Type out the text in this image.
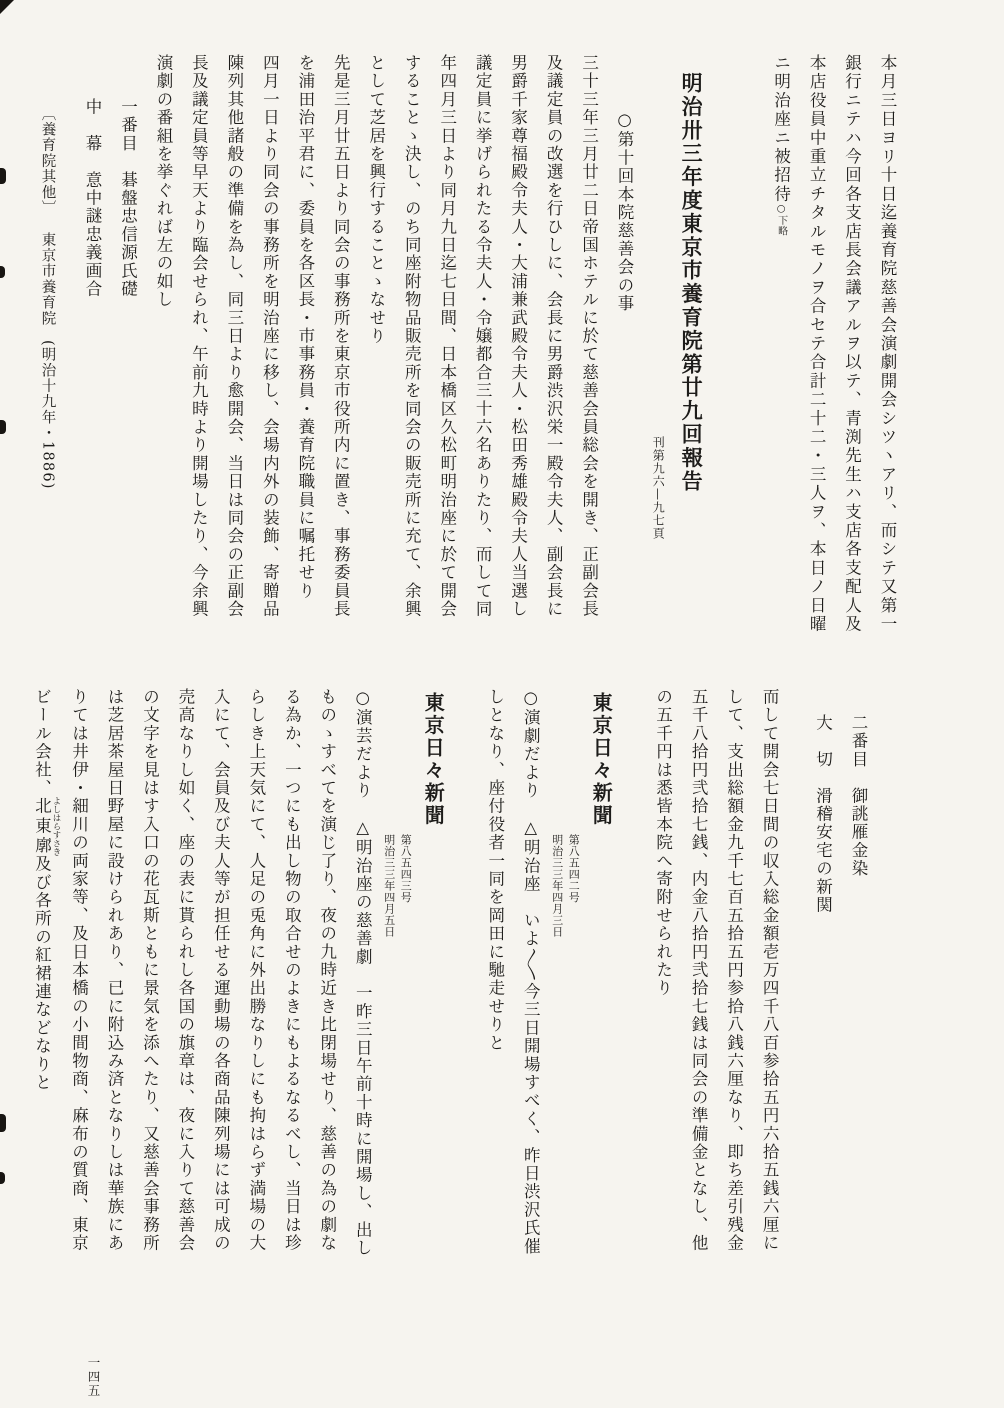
本月三日ヨリ十日迄養育院慈善会演劇開会シツヽアリ、而シテ又第一
銀行ニテハ今回各支店長会議アルヲ以テ、青渕先生ハ支店各支配人及
本店役員中重立チタルモノヲ合セテ合計二十二・三人ヲ、本日ノ日曜
ニ明治座ニ被招待○下略
明治卅三年度東京市養育院第廿九回報告
刊第九六—九七頁
○第十回本院慈善会の事
三十三年三月廿二日帝国ホテルに於て慈善会員総会を開き、正副会長
及議定員の改選を行ひしに、会長に男爵渋沢栄一殿令夫人、副会長に
男爵千家尊福殿令夫人・大浦兼武殿令夫人・松田秀雄殿令夫人当選し
議定員に挙げられたる令夫人・令嬢都合三十六名ありたり、而して同
年四月三日より同月九日迄七日間、日本橋区久松町明治座に於て開会
することゝ決し、のち同座附物品販売所を同会の販売所に充て、余興
として芝居を興行することゝなせり
先是三月廿五日より同会の事務所を東京市役所内に置き、事務委員長
を浦田治平君に、委員を各区長・市事務員・養育院職員に嘱托せり
四月一日より同会の事務所を明治座に移し、会場内外の装飾、寄贈品
陳列其他諸般の準備を為し、同三日より愈開会、当日は同会の正副会
長及議定員等早天より臨会せられ、午前九時より開場したり、今余興
演劇の番組を挙ぐれば左の如し
一番目　碁盤忠信源氏礎
中　幕　意中謎忠義画合
〔養育院其他〕東京市養育院(明治十九年・1886)
二番目　御誂雁金染
大　切　滑稽安宅の新関
而して開会七日間の収入総金額壱万四千八百参拾五円六拾五銭六厘に
して、支出総額金九千七百五拾五円参拾八銭六厘なり、即ち差引残金
五千八拾円弐拾七銭、内金八拾円弐拾七銭は同会の準備金となし、他
の五千円は悉皆本院へ寄附せられたり
東京日々新聞
第八五四二号
明治三三年四月三日
○演劇だより　△明治座　いよ〳〵今三日開場すべく、昨日渋沢氏催
しとなり、座付役者一同を岡田に馳走せりと
東京日々新聞
第八五四三号
明治三三年四月五日
○演芸だより　△明治座の慈善劇　一昨三日午前十時に開場し、出し
ものゝすべてを演じ了り、夜の九時近き比閉場せり、慈善の為の劇な
る為か、一つにも出し物の取合せのよきにもよるなるべし、当日は珍
らしき上天気にて、人足の兎角に外出勝なりしにも拘はらず満場の大
入にて、会員及び夫人等が担任せる運動場の各商品陳列場には可成の
売高なりし如く、座の表に貰られし各国の旗章は、夜に入りて慈善会
の文字を見はす入口の花瓦斯ともに景気を添へたり、又慈善会事務所
は芝居茶屋日野屋に設けられあり、已に附込み済となりしは華族にあ
りては井伊・細川の両家等、及日本橋の小間物商、麻布の質商、東京
ビール会社、北東廓 よしはらすさき及び各所の紅裙連などなりと
一四五
